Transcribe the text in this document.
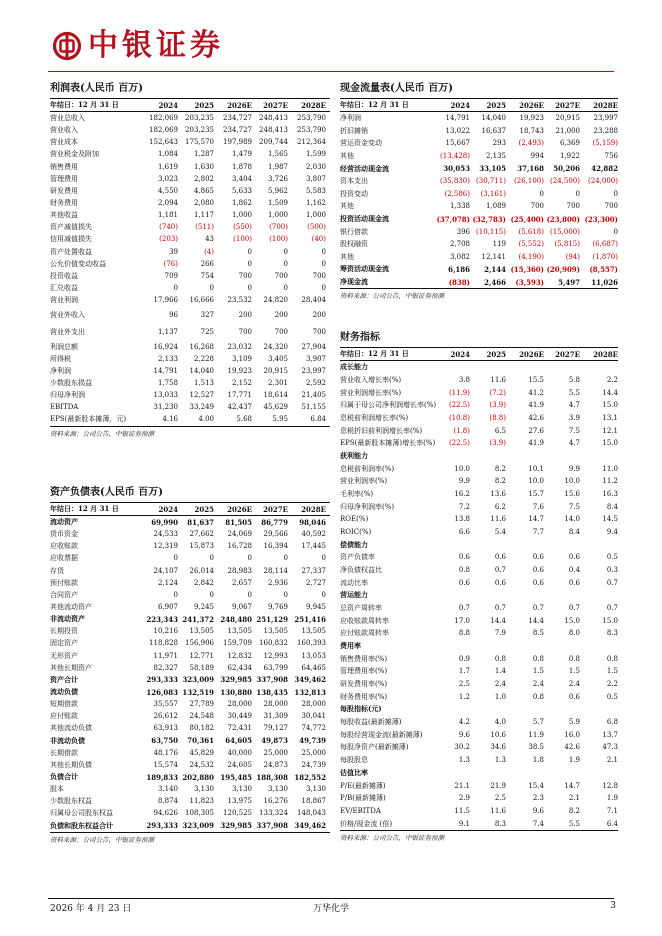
中银证券
利润表(人民币 百万)
年结日：12 月 31 日	2024	2025	2026E	2027E	2028E
营业总收入	182,069	203,235	234,727	248,413	253,790
营业收入	182,069	203,235	234,727	248,413	253,790
营业成本	152,643	175,570	197,989	209,744	212,364
营业税金及附加	1,084	1,287	1,479	1,565	1,599
销售费用	1,619	1,630	1,878	1,987	2,030
管理费用	3,023	2,802	3,404	3,726	3,807
研发费用	4,550	4,865	5,633	5,962	5,583
财务费用	2,094	2,080	1,862	1,509	1,162
其他收益	1,181	1,117	1,000	1,000	1,000
资产减值损失	(740)	(511)	(550)	(700)	(500)
信用减值损失	(203)	43	(100)	(100)	(40)
资产处置收益	39	(4)	0	0	0
公允价值变动收益	(76)	266	0	0	0
投资收益	709	754	700	700	700
汇兑收益	0	0	0	0	0
营业利润	17,966	16,666	23,532	24,820	28,404
营业外收入	96	327	200	200	200
营业外支出	1,137	725	700	700	700
利润总额	16,924	16,268	23,032	24,320	27,904
所得税	2,133	2,228	3,109	3,405	3,907
净利润	14,791	14,040	19,923	20,915	23,997
少数股东损益	1,758	1,513	2,152	2,301	2,592
归母净利润	13,033	12,527	17,771	18,614	21,405
EBITDA	31,230	33,249	42,437	45,629	51,155
EPS(最新股本摊薄，元)	4.16	4.00	5.68	5.95	6.84
资料来源：公司公告，中银证券预测
资产负债表(人民币 百万)
年结日：12 月 31 日	2024	2025	2026E	2027E	2028E
流动资产	69,990	81,637	81,505	86,779	98,046
货币资金	24,533	27,662	24,069	29,566	40,592
应收账款	12,319	15,873	16,728	16,394	17,445
应收票据	0	0	0	0	0
存货	24,107	26,014	28,983	28,114	27,337
预付账款	2,124	2,842	2,657	2,936	2,727
合同资产	0	0	0	0	0
其他流动资产	6,907	9,245	9,067	9,769	9,945
非流动资产	223,343 241,372 248,480 251,129 251,416
长期投资	10,216	13,505	13,505	13,505	13,505
固定资产	118,828	156,906	159,709	160,832	160,393
无形资产	11,971	12,771	12,832	12,993	13,053
其他长期资产	82,327	58,189	62,434	63,799	64,465
资产合计	293,333 323,009 329,985 337,908 349,462
流动负债	126,083 132,519 130,880 138,435 132,813
短期借款	35,557	27,789	28,000	28,000	28,000
应付账款	26,612	24,548	30,449	31,309	30,041
其他流动负债	63,913	80,182	72,431	79,127	74,772
非流动负债	63,750	70,361	64,605	49,873	49,739
长期借款	48,176	45,829	40,000	25,000	25,000
其他长期负债	15,574	24,532	24,605	24,873	24,739
负债合计	189,833 202,880 195,485 188,308 182,552
股本	3,140	3,130	3,130	3,130	3,130
少数股东权益	8,874	11,823	13,975	16,276	18,867
归属母公司股东权益	94,626	108,305	120,525	133,324	148,043
负债和股东权益合计	293,333 323,009 329,985 337,908 349,462
资料来源：公司公告，中银证券预测
现金流量表(人民币 百万)
年结日：12 月 31 日	2024	2025	2026E	2027E	2028E
净利润	14,791	14,040	19,923	20,915	23,997
折旧摊销	13,022	16,637	18,743	21,000	23,288
营运资金变动	15,667	293	(2,493)	6,369	(5,159)
其他	(13,428)	2,135	994	1,922	756
经营活动现金流	30,053	33,105	37,168	50,206	42,882
资本支出	(35,830) (30,711)	(26,100) (24,500)	(24,000)
投资变动	(2,586)	(3,161)	0	0	0
其他	1,338	1,089	700	700	700
投资活动现金流	(37,078) (32,783) (25,400) (23,800) (23,300)
银行借款	396 (10,115)	(5,618) (15,000)	0
股权融资	2,708	119	(5,552)	(5,815)	(6,687)
其他	3,082	12,141	(4,190)	(94)	(1,870)
筹资活动现金流	6,186	2,144 (15,360) (20,909)	(8,557)
净现金流	(838)	2,466	(3,593)	5,497	11,026
资料来源：公司公告，中银证券预测
财务指标
年结日：12 月 31 日	2024	2025	2026E	2027E	2028E
成长能力
营业收入增长率(%)	3.8	11.6	15.5	5.8	2.2
营业利润增长率(%)	(11.9)	(7.2)	41.2	5.5	14.4
归属于母公司净利润增长率(%)	(22.5)	(3.9)	41.9	4.7	15.0
息税前利润增长率(%)	(10.8)	(8.8)	42.6	3.9	13.1
息税折旧前利润增长率(%)	(1.8)	6.5	27.6	7.5	12.1
EPS(最新股本摊薄)增长率(%)	(22.5)	(3.9)	41.9	4.7	15.0
获利能力
息税前利润率(%)	10.0	8.2	10.1	9.9	11.0
营业利润率(%)	9.9	8.2	10.0	10.0	11.2
毛利率(%)	16.2	13.6	15.7	15.6	16.3
归母净利润率(%)	7.2	6.2	7.6	7.5	8.4
ROE(%)	13.8	11.6	14.7	14.0	14.5
ROIC(%)	6.6	5.4	7.7	8.4	9.4
偿债能力
资产负债率	0.6	0.6	0.6	0.6	0.5
净负债权益比	0.8	0.7	0.6	0.4	0.3
流动比率	0.6	0.6	0.6	0.6	0.7
营运能力
总资产周转率	0.7	0.7	0.7	0.7	0.7
应收账款周转率	17.0	14.4	14.4	15.0	15.0
应付账款周转率	8.8	7.9	8.5	8.0	8.3
费用率
销售费用率(%)	0.9	0.8	0.8	0.8	0.8
管理费用率(%)	1.7	1.4	1.5	1.5	1.5
研发费用率(%)	2.5	2.4	2.4	2.4	2.2
财务费用率(%)	1.2	1.0	0.8	0.6	0.5
每股指标(元)
每股收益(最新摊薄)	4.2	4.0	5.7	5.9	6.8
每股经营现金流(最新摊薄)	9.6	10.6	11.9	16.0	13.7
每股净资产(最新摊薄)	30.2	34.6	38.5	42.6	47.3
每股股息	1.3	1.3	1.8	1.9	2.1
估值比率
P/E(最新摊薄)	21.1	21.9	15.4	14.7	12.8
P/B(最新摊薄)	2.9	2.5	2.3	2.1	1.9
EV/EBITDA	11.5	11.6	9.6	8.2	7.1
价格/现金流 (倍)	9.1	8.3	7.4	5.5	6.4
资料来源：公司公告，中银证券预测
2026 年 4 月 23 日	万华化学	3
